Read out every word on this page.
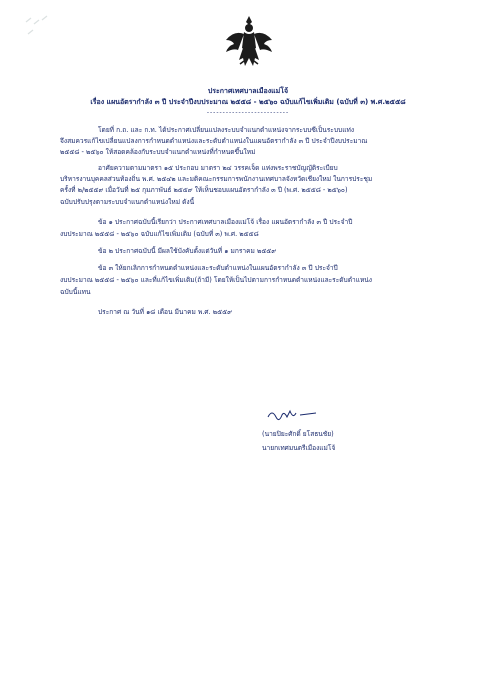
ประกาศเทศบาลเมืองแม่โจ้
เรื่อง แผนอัตรากำลัง ๓ ปี ประจำปีงบประมาณ ๒๕๕๘ - ๒๕๖๐ ฉบับแก้ไขเพิ่มเติม (ฉบับที่ ๓) พ.ศ.๒๕๕๘
--------------------------
โดยที่ ก.ถ. และ ก.ท. ได้ประกาศเปลี่ยนแปลงระบบจำแนกตำแหน่งจากระบบซีเป็นระบบแท่ง
จึงสมควรแก้ไขเปลี่ยนแปลงการกำหนดตำแหน่งและระดับตำแหน่งในแผนอัตรากำลัง ๓ ปี ประจำปีงบประมาณ
๒๕๕๘ - ๒๕๖๐ ให้สอดคล้องกับระบบจำแนกตำแหน่งที่กำหนดขึ้นใหม่
อาศัยความตามมาตรา ๑๕ ประกอบ มาตรา ๒๔ วรรคเจ็ด แห่งพระราชบัญญัติระเบียบ
บริหารงานบุคคลส่วนท้องถิ่น พ.ศ. ๒๕๔๒ และมติคณะกรรมการพนักงานเทศบาลจังหวัดเชียงใหม่ ในการประชุม
ครั้งที่ ๒/๒๕๕๙ เมื่อวันที่ ๒๕ กุมภาพันธ์ ๒๕๕๙ ให้เห็นชอบแผนอัตรากำลัง ๓ ปี (พ.ศ. ๒๕๕๘ - ๒๕๖๐)
ฉบับปรับปรุงตามระบบจำแนกตำแหน่งใหม่ ดังนี้
ข้อ ๑ ประกาศฉบับนี้เรียกว่า ประกาศเทศบาลเมืองแม่โจ้ เรื่อง แผนอัตรากำลัง ๓ ปี ประจำปี
งบประมาณ ๒๕๕๘ - ๒๕๖๐ ฉบับแก้ไขเพิ่มเติม (ฉบับที่ ๓) พ.ศ. ๒๕๕๘
ข้อ ๒ ประกาศฉบับนี้ มีผลใช้บังคับตั้งแต่วันที่ ๑ มกราคม ๒๕๕๙
ข้อ ๓ ให้ยกเลิกการกำหนดตำแหน่งและระดับตำแหน่งในแผนอัตรากำลัง ๓ ปี ประจำปี
งบประมาณ ๒๕๕๘ - ๒๕๖๐ และที่แก้ไขเพิ่มเติม(ถ้ามี) โดยให้เป็นไปตามการกำหนดตำแหน่งและระดับตำแหน่ง
ฉบับนี้แทน
ประกาศ ณ วันที่ ๑๘ เดือน มีนาคม พ.ศ. ๒๕๕๙
(นายปิยะศักดิ์ ยโสธนชัย)
นายกเทศมนตรีเมืองแม่โจ้
